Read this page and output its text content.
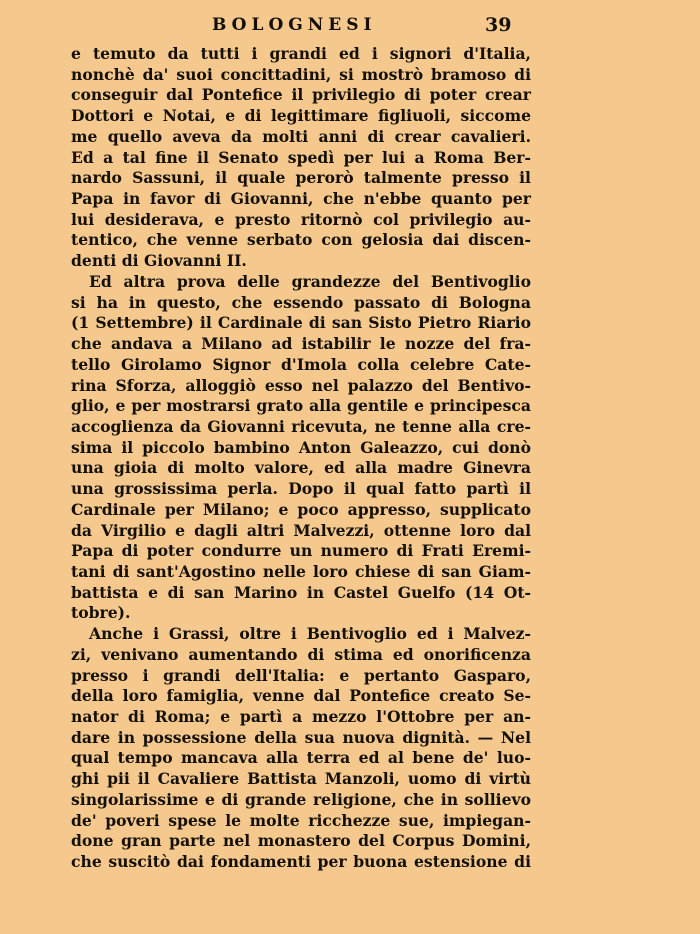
BOLOGNESI	39
e temuto da tutti i grandi ed i signori d'Italia,
nonchè da' suoi concittadini, si mostrò bramoso di
conseguir dal Pontefice il privilegio di poter crear
Dottori e Notai, e di legittimare figliuoli, siccome
me quello aveva da molti anni di crear cavalieri.
Ed a tal fine il Senato spedì per lui a Roma Ber-
nardo Sassuni, il quale perorò talmente presso il
Papa in favor di Giovanni, che n'ebbe quanto per
lui desiderava, e presto ritornò col privilegio au-
tentico, che venne serbato con gelosia dai discen-
denti di Giovanni II.
Ed altra prova delle grandezze del Bentivoglio
si ha in questo, che essendo passato di Bologna
(1 Settembre) il Cardinale di san Sisto Pietro Riario
che andava a Milano ad istabilir le nozze del fra-
tello Girolamo Signor d'Imola colla celebre Cate-
rina Sforza, alloggiò esso nel palazzo del Bentivo-
glio, e per mostrarsi grato alla gentile e principesca
accoglienza da Giovanni ricevuta, ne tenne alla cre-
sima il piccolo bambino Anton Galeazzo, cui donò
una gioia di molto valore, ed alla madre Ginevra
una grossissima perla. Dopo il qual fatto partì il
Cardinale per Milano; e poco appresso, supplicato
da Virgilio e dagli altri Malvezzi, ottenne loro dal
Papa di poter condurre un numero di Frati Eremi-
tani di sant'Agostino nelle loro chiese di san Giam-
battista e di san Marino in Castel Guelfo (14 Ot-
tobre).
Anche i Grassi, oltre i Bentivoglio ed i Malvez-
zi, venivano aumentando di stima ed onorificenza
presso i grandi dell'Italia: e pertanto Gasparo,
della loro famiglia, venne dal Pontefice creato Se-
nator di Roma; e partì a mezzo l'Ottobre per an-
dare in possessione della sua nuova dignità. — Nel
qual tempo mancava alla terra ed al bene de' luo-
ghi pii il Cavaliere Battista Manzoli, uomo di virtù
singolarissime e di grande religione, che in sollievo
de' poveri spese le molte ricchezze sue, impiegan-
done gran parte nel monastero del Corpus Domini,
che suscitò dai fondamenti per buona estensione di
